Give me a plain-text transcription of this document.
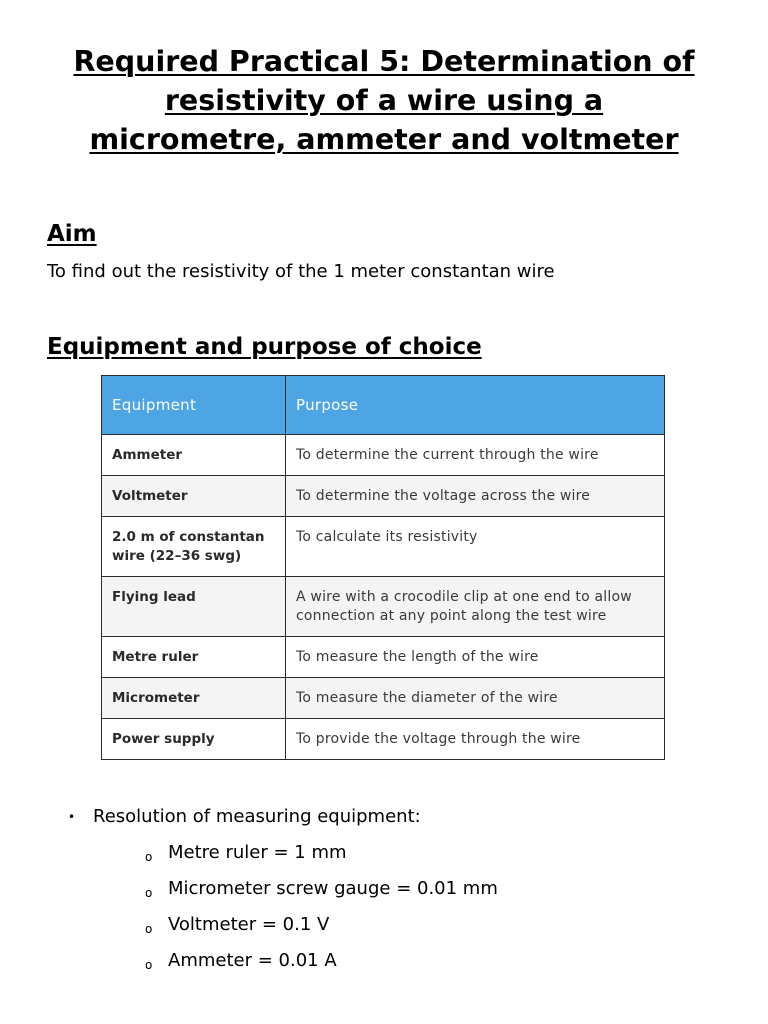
Required Practical 5: Determination of
resistivity of a wire using a
micrometre, ammeter and voltmeter
Aim
To find out the resistivity of the 1 meter constantan wire
Equipment and purpose of choice
Equipment	Purpose
Ammeter	To determine the current through the wire
Voltmeter	To determine the voltage across the wire
2.0 m of constantan wire (22–36 swg)	To calculate its resistivity
Flying lead	A wire with a crocodile clip at one end to allow connection at any point along the test wire
Metre ruler	To measure the length of the wire
Micrometer	To measure the diameter of the wire
Power supply	To provide the voltage through the wire
• Resolution of measuring equipment:
o Metre ruler = 1 mm
o Micrometer screw gauge = 0.01 mm
o Voltmeter = 0.1 V
o Ammeter = 0.01 A
